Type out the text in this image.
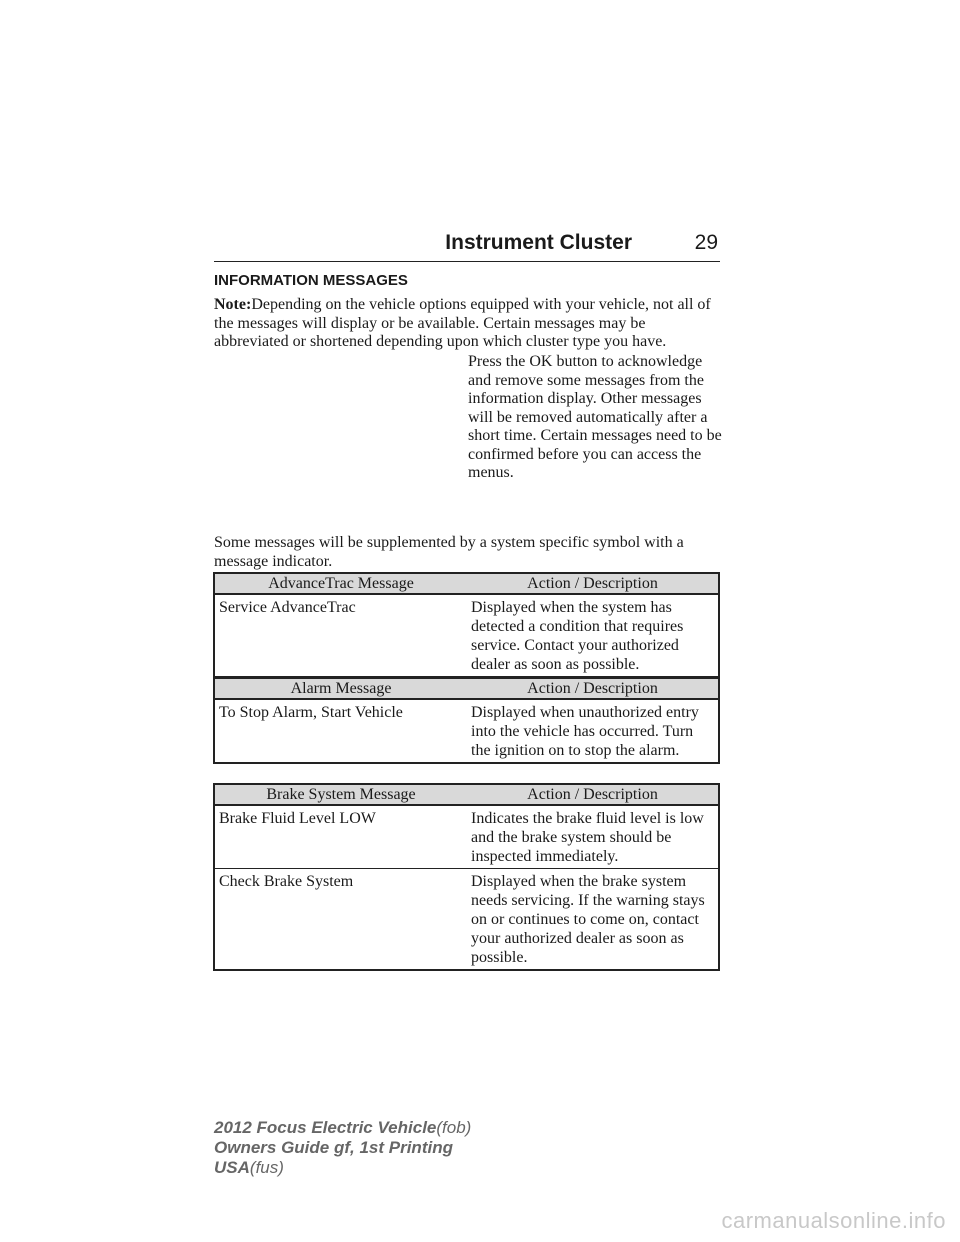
Instrument Cluster	29
INFORMATION MESSAGES
Note:Depending on the vehicle options equipped with your vehicle, not all of the messages will display or be available. Certain messages may be abbreviated or shortened depending upon which cluster type you have.
Press the OK button to acknowledge and remove some messages from the information display. Other messages will be removed automatically after a short time. Certain messages need to be confirmed before you can access the menus.
Some messages will be supplemented by a system specific symbol with a message indicator.
AdvanceTrac Message	Action / Description
Service AdvanceTrac	Displayed when the system has detected a condition that requires service. Contact your authorized dealer as soon as possible.
Alarm Message	Action / Description
To Stop Alarm, Start Vehicle	Displayed when unauthorized entry into the vehicle has occurred. Turn the ignition on to stop the alarm.
Brake System Message	Action / Description
Brake Fluid Level LOW	Indicates the brake fluid level is low and the brake system should be inspected immediately.
Check Brake System	Displayed when the brake system needs servicing. If the warning stays on or continues to come on, contact your authorized dealer as soon as possible.
2012 Focus Electric Vehicle(fob)
Owners Guide gf, 1st Printing
USA(fus)
carmanualsonline.info
